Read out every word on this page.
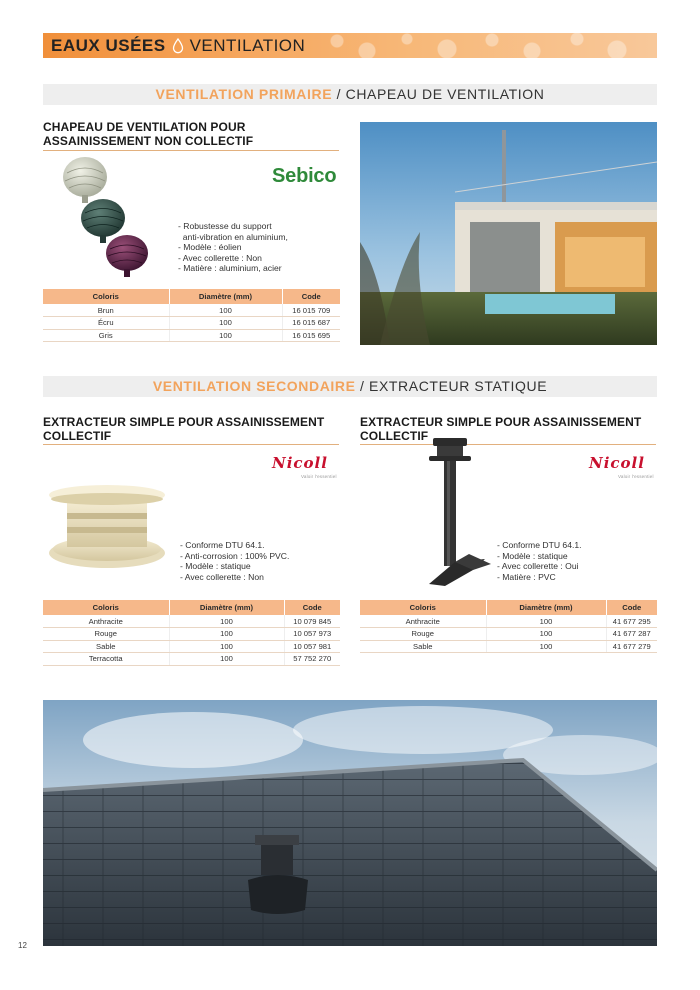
EAUX USÉES VENTILATION
VENTILATION PRIMAIRE / CHAPEAU DE VENTILATION
CHAPEAU DE VENTILATION POUR
ASSAINISSEMENT NON COLLECTIF
Sebico
- Robustesse du support
anti-vibration en aluminium,
- Modèle : éolien
- Avec collerette : Non
- Matière : aluminium, acier
Coloris	Diamètre (mm)	Code
Brun	100	16 015 709
Écru	100	16 015 687
Gris	100	16 015 695
VENTILATION SECONDAIRE / EXTRACTEUR STATIQUE
EXTRACTEUR SIMPLE POUR ASSAINISSEMENT
COLLECTIF
Nicoll
Valoir l'essentiel
- Conforme DTU 64.1.
- Anti-corrosion : 100% PVC.
- Modèle : statique
- Avec collerette : Non
Coloris	Diamètre (mm)	Code
Anthracite	100	10 079 845
Rouge	100	10 057 973
Sable	100	10 057 981
Terracotta	100	57 752 270
EXTRACTEUR SIMPLE POUR ASSAINISSEMENT
COLLECTIF
Nicoll
Valoir l'essentiel
- Conforme DTU 64.1.
- Modèle : statique
- Avec collerette : Oui
- Matière : PVC
Coloris	Diamètre (mm)	Code
Anthracite	100	41 677 295
Rouge	100	41 677 287
Sable	100	41 677 279
12
